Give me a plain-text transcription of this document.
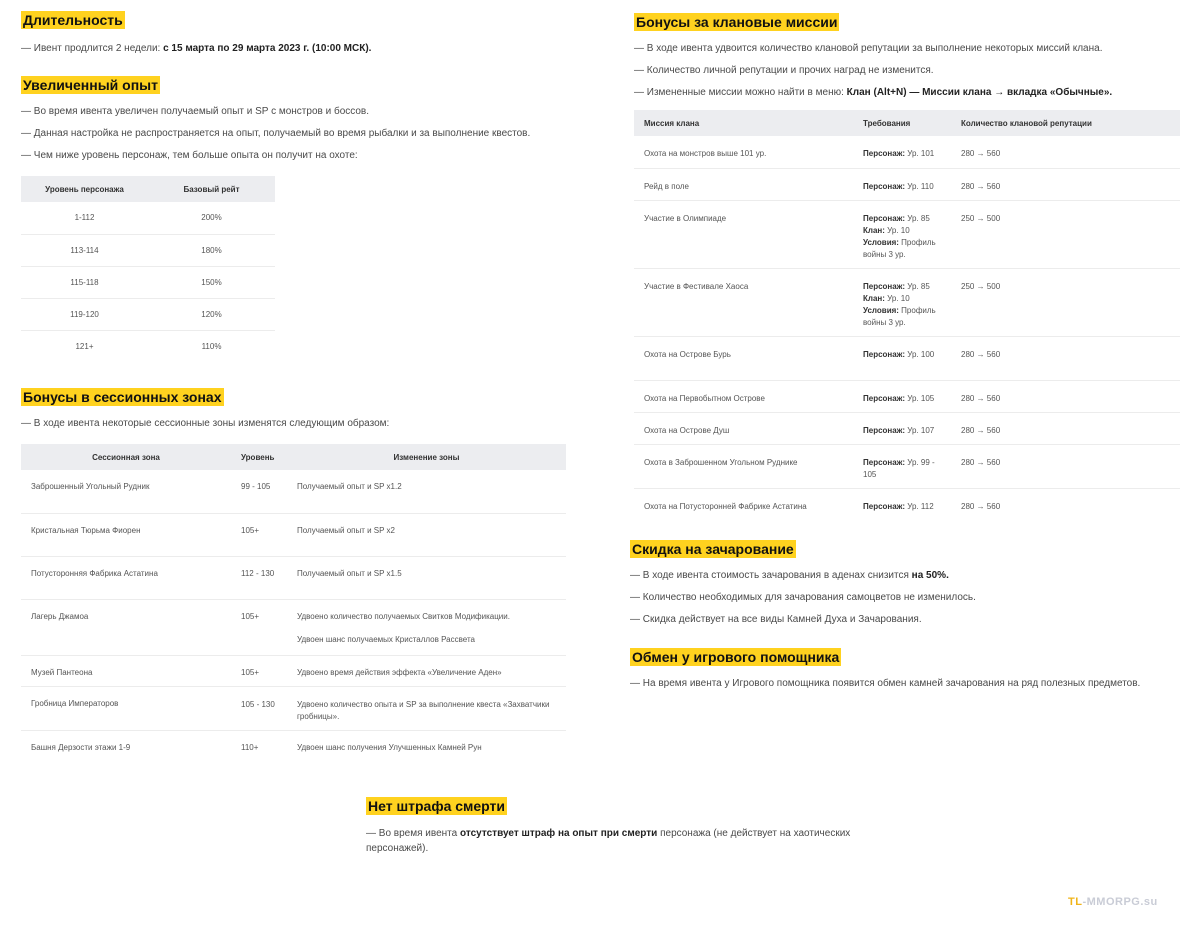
Длительность

— Ивент продлится 2 недели: с 15 марта по 29 марта 2023 г. (10:00 МСК).

Увеличенный опыт

— Во время ивента увеличен получаемый опыт и SP с монстров и боссов.

— Данная настройка не распространяется на опыт, получаемый во время рыбалки и за выполнение квестов.

— Чем ниже уровень персонаж, тем больше опыта он получит на охоте:

Уровень персонажа	Базовый рейт
1-112	200%
113-114	180%
115-118	150%
119-120	120%
121+	110%
Бонусы в сессионных зонах

— В ходе ивента некоторые сессионные зоны изменятся следующим образом:

Сессионная зона	Уровень	Изменение зоны
Заброшенный Угольный Рудник	99 - 105	Получаемый опыт и SP x1.2

Кристальная Тюрьма Фиорен	105+	Получаемый опыт и SP x2

Потусторонняя Фабрика Астатина	112 - 130	Получаемый опыт и SP x1.5

Лагерь Джамоа	105+	Удвоено количество получаемых Свитков Модификации.
Удвоен шанс получаемых Кристаллов Рассвета

Музей Пантеона	105+	Удвоено время действия эффекта «Увеличение Аден»

Гробница Императоров	105 - 130	Удвоено количество опыта и SP за выполнение квеста «Захватчики гробницы».

Башня Дерзости этажи 1-9	110+	Удвоен шанс получения Улучшенных Камней Рун
Нет штрафа смерти

— Во время ивента отсутствует штраф на опыт при смерти персонажа (не действует на хаотических персонажей).

Бонусы за клановые миссии

— В ходе ивента удвоится количество клановой репутации за выполнение некоторых миссий клана.

— Количество личной репутации и прочих наград не изменится.

— Измененные миссии можно найти в меню: Клан (Alt+N) — Миссии клана → вкладка «Обычные».

Миссия клана	Требования	Количество клановой репутации
Охота на монстров выше 101 ур.	Персонаж: Ур. 101	280 → 560
Рейд в поле	Персонаж: Ур. 110	280 → 560
Участие в Олимпиаде	Персонаж: Ур. 85
Клан: Ур. 10
Условия: Профиль войны 3 ур.	250 → 500
Участие в Фестивале Хаоса	Персонаж: Ур. 85
Клан: Ур. 10
Условия: Профиль войны 3 ур.	250 → 500
Охота на Острове Бурь	Персонаж: Ур. 100	280 → 560
Охота на Первобытном Острове	Персонаж: Ур. 105	280 → 560
Охота на Острове Душ	Персонаж: Ур. 107	280 → 560
Охота в Заброшенном Угольном Руднике	Персонаж: Ур. 99 - 105	280 → 560
Охота на Потусторонней Фабрике Астатина	Персонаж: Ур. 112	280 → 560
Скидка на зачарование

— В ходе ивента стоимость зачарования в аденах снизится на 50%.

— Количество необходимых для зачарования самоцветов не изменилось.

— Скидка действует на все виды Камней Духа и Зачарования.

Обмен у игрового помощника

— На время ивента у Игрового помощника появится обмен камней зачарования на ряд полезных предметов.

TL-MMORPG.su
